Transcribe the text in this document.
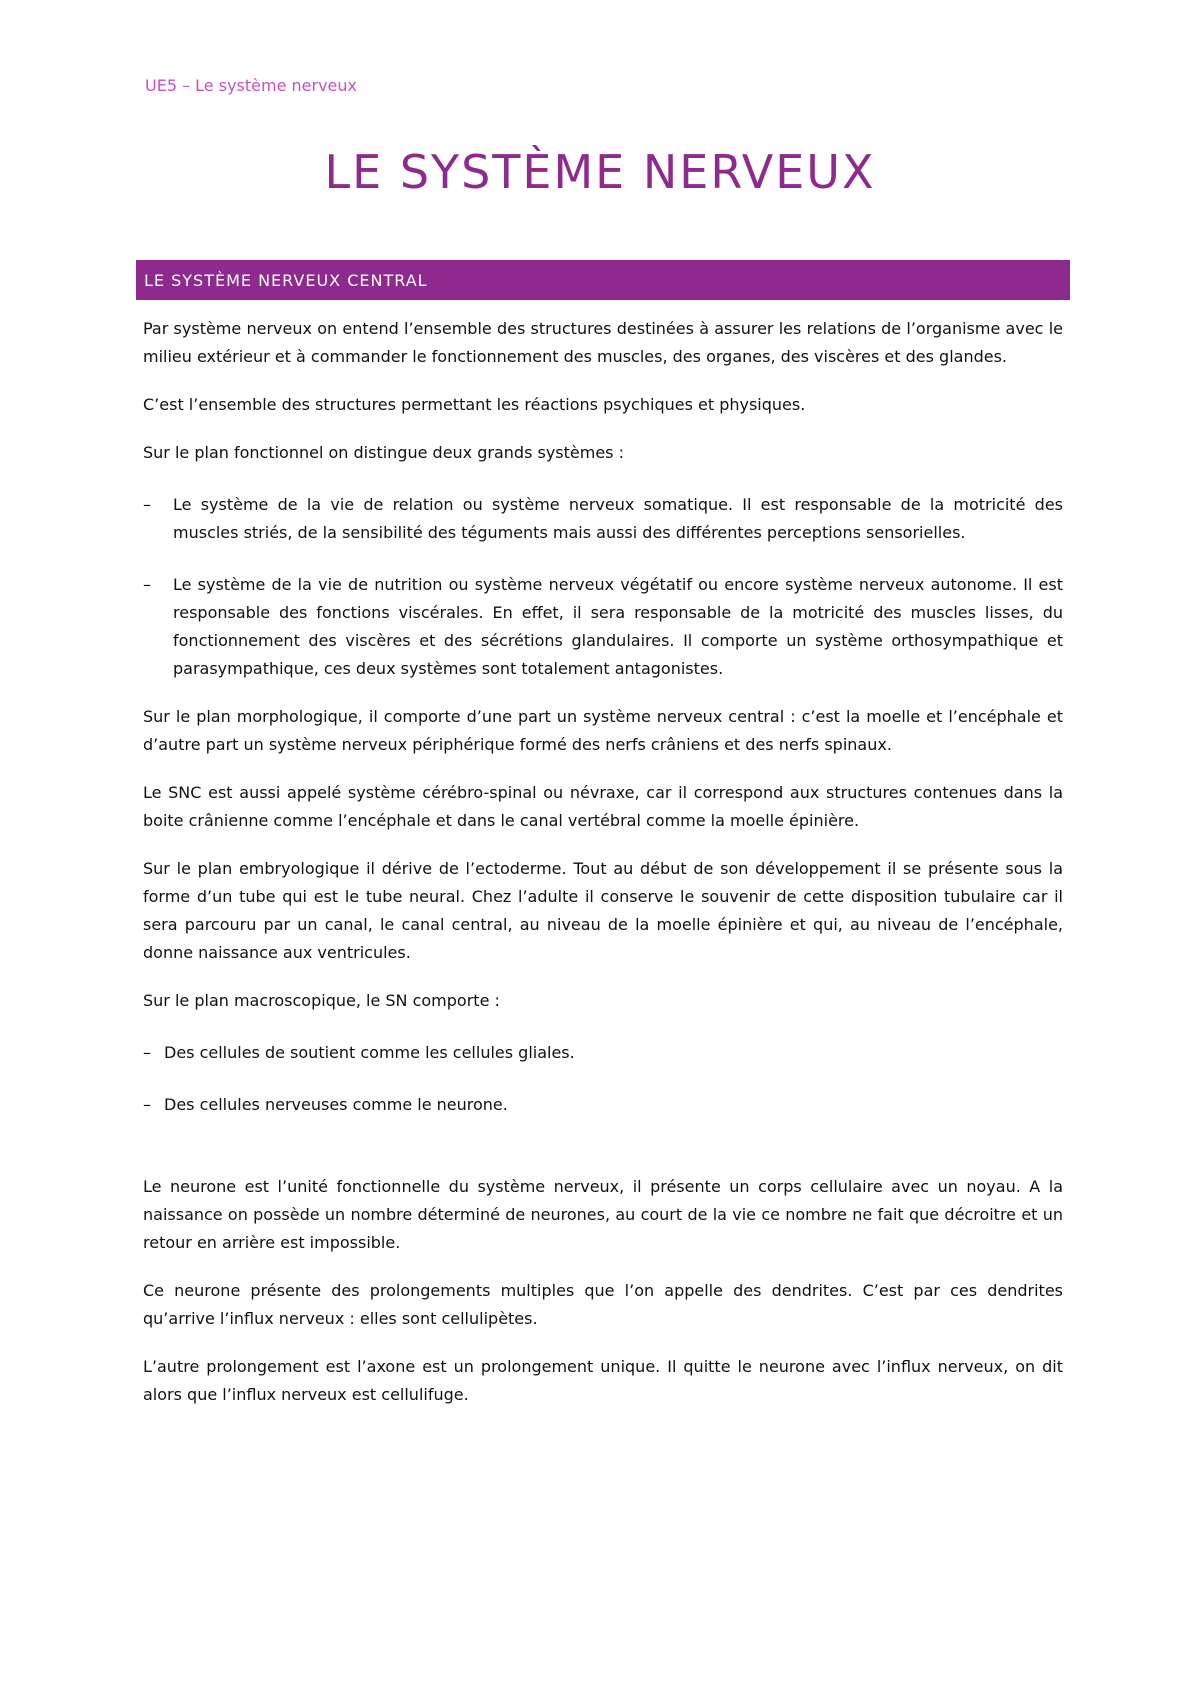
UE5 – Le système nerveux
LE SYSTÈME NERVEUX
LE SYSTÈME NERVEUX CENTRAL

Par système nerveux on entend l’ensemble des structures destinées à assurer les relations de l’organisme avec le milieu extérieur et à commander le fonctionnement des muscles, des organes, des viscères et des glandes.

C’est l’ensemble des structures permettant les réactions psychiques et physiques.

Sur le plan fonctionnel on distingue deux grands systèmes :

– Le système de la vie de relation ou système nerveux somatique. Il est responsable de la motricité des muscles striés, de la sensibilité des téguments mais aussi des différentes perceptions sensorielles.
– Le système de la vie de nutrition ou système nerveux végétatif ou encore système nerveux autonome. Il est responsable des fonctions viscérales. En effet, il sera responsable de la motricité des muscles lisses, du fonctionnement des viscères et des sécrétions glandulaires. Il comporte un système orthosympathique et parasympathique, ces deux systèmes sont totalement antagonistes.

Sur le plan morphologique, il comporte d’une part un système nerveux central : c’est la moelle et l’encéphale et d’autre part un système nerveux périphérique formé des nerfs crâniens et des nerfs spinaux.

Le SNC est aussi appelé système cérébro-spinal ou névraxe, car il correspond aux structures contenues dans la boite crânienne comme l’encéphale et dans le canal vertébral comme la moelle épinière.

Sur le plan embryologique il dérive de l’ectoderme. Tout au début de son développement il se présente sous la forme d’un tube qui est le tube neural. Chez l’adulte il conserve le souvenir de cette disposition tubulaire car il sera parcouru par un canal, le canal central, au niveau de la moelle épinière et qui, au niveau de l’encéphale, donne naissance aux ventricules.

Sur le plan macroscopique, le SN comporte :

– Des cellules de soutient comme les cellules gliales.
– Des cellules nerveuses comme le neurone.

Le neurone est l’unité fonctionnelle du système nerveux, il présente un corps cellulaire avec un noyau. A la naissance on possède un nombre déterminé de neurones, au court de la vie ce nombre ne fait que décroitre et un retour en arrière est impossible.

Ce neurone présente des prolongements multiples que l’on appelle des dendrites. C’est par ces dendrites qu’arrive l’influx nerveux : elles sont cellulipètes.

L’autre prolongement est l’axone est un prolongement unique. Il quitte le neurone avec l’influx nerveux, on dit alors que l’influx nerveux est cellulifuge.
